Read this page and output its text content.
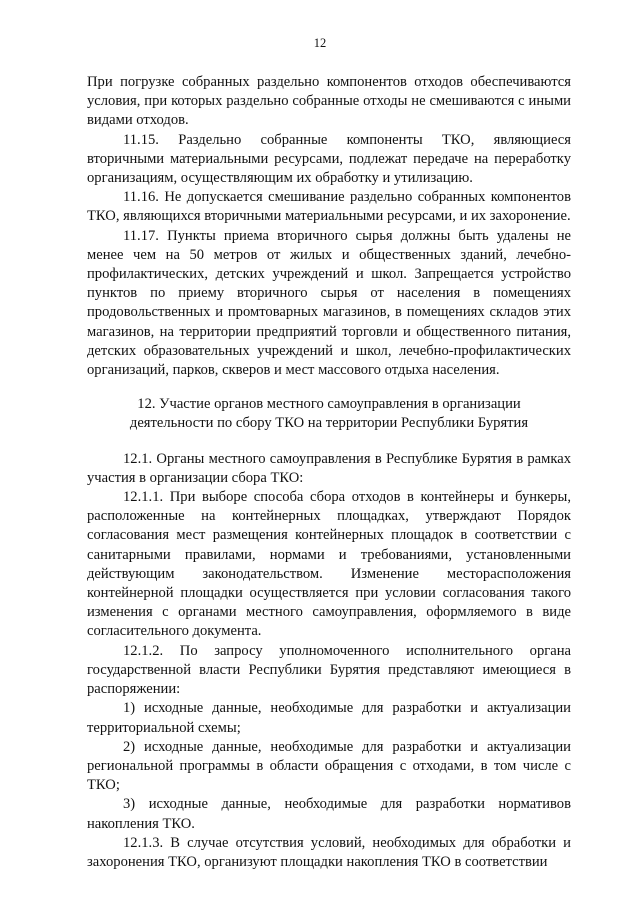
12

При погрузке собранных раздельно компонентов отходов обеспечиваются условия, при которых раздельно собранные отходы не смешиваются с иными видами отходов.

11.15. Раздельно собранные компоненты ТКО, являющиеся вторичными материальными ресурсами, подлежат передаче на переработку организациям, осуществляющим их обработку и утилизацию.

11.16. Не допускается смешивание раздельно собранных компонентов ТКО, являющихся вторичными материальными ресурсами, и их захоронение.

11.17. Пункты приема вторичного сырья должны быть удалены не менее чем на 50 метров от жилых и общественных зданий, лечебно-профилактических, детских учреждений и школ. Запрещается устройство пунктов по приему вторичного сырья от населения в помещениях продовольственных и промтоварных магазинов, в помещениях складов этих магазинов, на территории предприятий торговли и общественного питания, детских образовательных учреждений и школ, лечебно-профилактических организаций, парков, скверов и мест массового отдыха населения.

12. Участие органов местного самоуправления в организации деятельности по сбору ТКО на территории Республики Бурятия

12.1. Органы местного самоуправления в Республике Бурятия в рамках участия в организации сбора ТКО:

12.1.1. При выборе способа сбора отходов в контейнеры и бункеры, расположенные на контейнерных площадках, утверждают Порядок согласования мест размещения контейнерных площадок в соответствии с санитарными правилами, нормами и требованиями, установленными действующим законодательством. Изменение месторасположения контейнерной площадки осуществляется при условии согласования такого изменения с органами местного самоуправления, оформляемого в виде согласительного документа.

12.1.2. По запросу уполномоченного исполнительного органа государственной власти Республики Бурятия представляют имеющиеся в распоряжении:

1) исходные данные, необходимые для разработки и актуализации территориальной схемы;

2) исходные данные, необходимые для разработки и актуализации региональной программы в области обращения с отходами, в том числе с ТКО;

3) исходные данные, необходимые для разработки нормативов накопления ТКО.

12.1.3. В случае отсутствия условий, необходимых для обработки и захоронения ТКО, организуют площадки накопления ТКО в соответствии
